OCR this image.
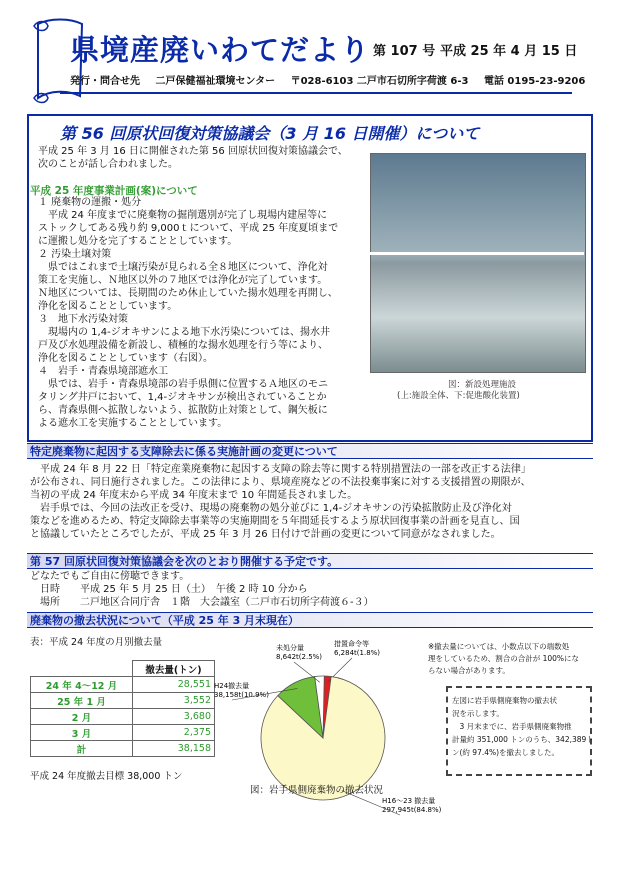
県境産廃いわてだより 第 107 号 平成 25 年 4 月 15 日
発行・問合せ先 二戸保健福祉環境センター 〒028-6103 二戸市石切所字荷渡 6-3 電話 0195-23-9206
第 56 回原状回復対策協議会（3 月 16 日開催）について
平成 25 年 3 月 16 日に開催された第 56 回原状回復対策協議会で、
次のことが話し合われました。
平成 25 年度事業計画(案)について
１ 廃棄物の運搬・処分
　平成 24 年度までに廃棄物の掘削選別が完了し現場内建屋等に
ストックしてある残り約 9,000ｔについて、平成 25 年度夏頃まで
に運搬し処分を完了することとしています。
２ 汚染土壌対策
　県ではこれまで土壌汚染が見られる全８地区について、浄化対
策工を実施し、Ｎ地区以外の７地区では浄化が完了しています。
Ｎ地区については、長期間のため休止していた揚水処理を再開し、
浄化を図ることとしています。
３　地下水汚染対策
　現場内の 1,4-ジオキサンによる地下水汚染については、揚水井
戸及び水処理設備を新設し、積極的な揚水処理を行う等により、
浄化を図ることとしています（右図）。
４　岩手・青森県境部遮水工
　県では、岩手・青森県境部の岩手県側に位置するＡ地区のモニ
タリング井戸において、1,4-ジオキサンが検出されていることか
ら、青森県側へ拡散しないよう、拡散防止対策として、鋼矢板に
よる遮水工を実施することとしています。
図：新設処理施設
(上:施設全体、下:促進酸化装置)
特定廃棄物に起因する支障除去に係る実施計画の変更について
　平成 24 年 8 月 22 日「特定産業廃棄物に起因する支障の除去等に関する特別措置法の一部を改正する法律」
が公布され、同日施行されました。この法律により、県境産廃などの不法投棄事案に対する支援措置の期限が、
当初の平成 24 年度末から平成 34 年度末まで 10 年間延長されました。
　岩手県では、今回の法改正を受け、現場の廃棄物の処分並びに 1,4-ジオキサンの汚染拡散防止及び浄化対
策などを進めるため、特定支障除去事業等の実施期間を５年間延長するよう原状回復事業の計画を見直し、国
と協議していたところでしたが、平成 25 年 3 月 26 日付けで計画の変更について同意がなされました。
第 57 回原状回復対策協議会を次のとおり開催する予定です。
どなたでもご自由に傍聴できます。
　日時　　平成 25 年 5 月 25 日（土）　午後 2 時 10 分から
　場所　　二戸地区合同庁舎　１階　大会議室（二戸市石切所字荷渡６-３）
廃棄物の撤去状況について（平成 25 年 3 月末現在）
表：平成 24 年度の月別撤去量
	撤去量(トン)
24 年 4～12 月	28,551
25 年 1 月	3,552
2 月	3,680
3 月	2,375
計	38,158
平成 24 年度撤去目標 38,000 トン
措置命令等
6,284t(1.8%)
H16～23 撤去量
297,945t(84.8%)
H24撤去量
38,158t(10.9%)
未処分量
8,642t(2.5%)
図：岩手県側廃棄物の撤去状況
※撤去量については、小数点以下の端数処
理をしているため、割合の合計が 100%にな
らない場合があります。
左図に岩手県側廃棄物の撤去状
況を示します。
　3 月末までに、岩手県側廃棄物推
計量約 351,000 トンのうち、342,389ト
ン(約 97.4%)を撤去しました。
